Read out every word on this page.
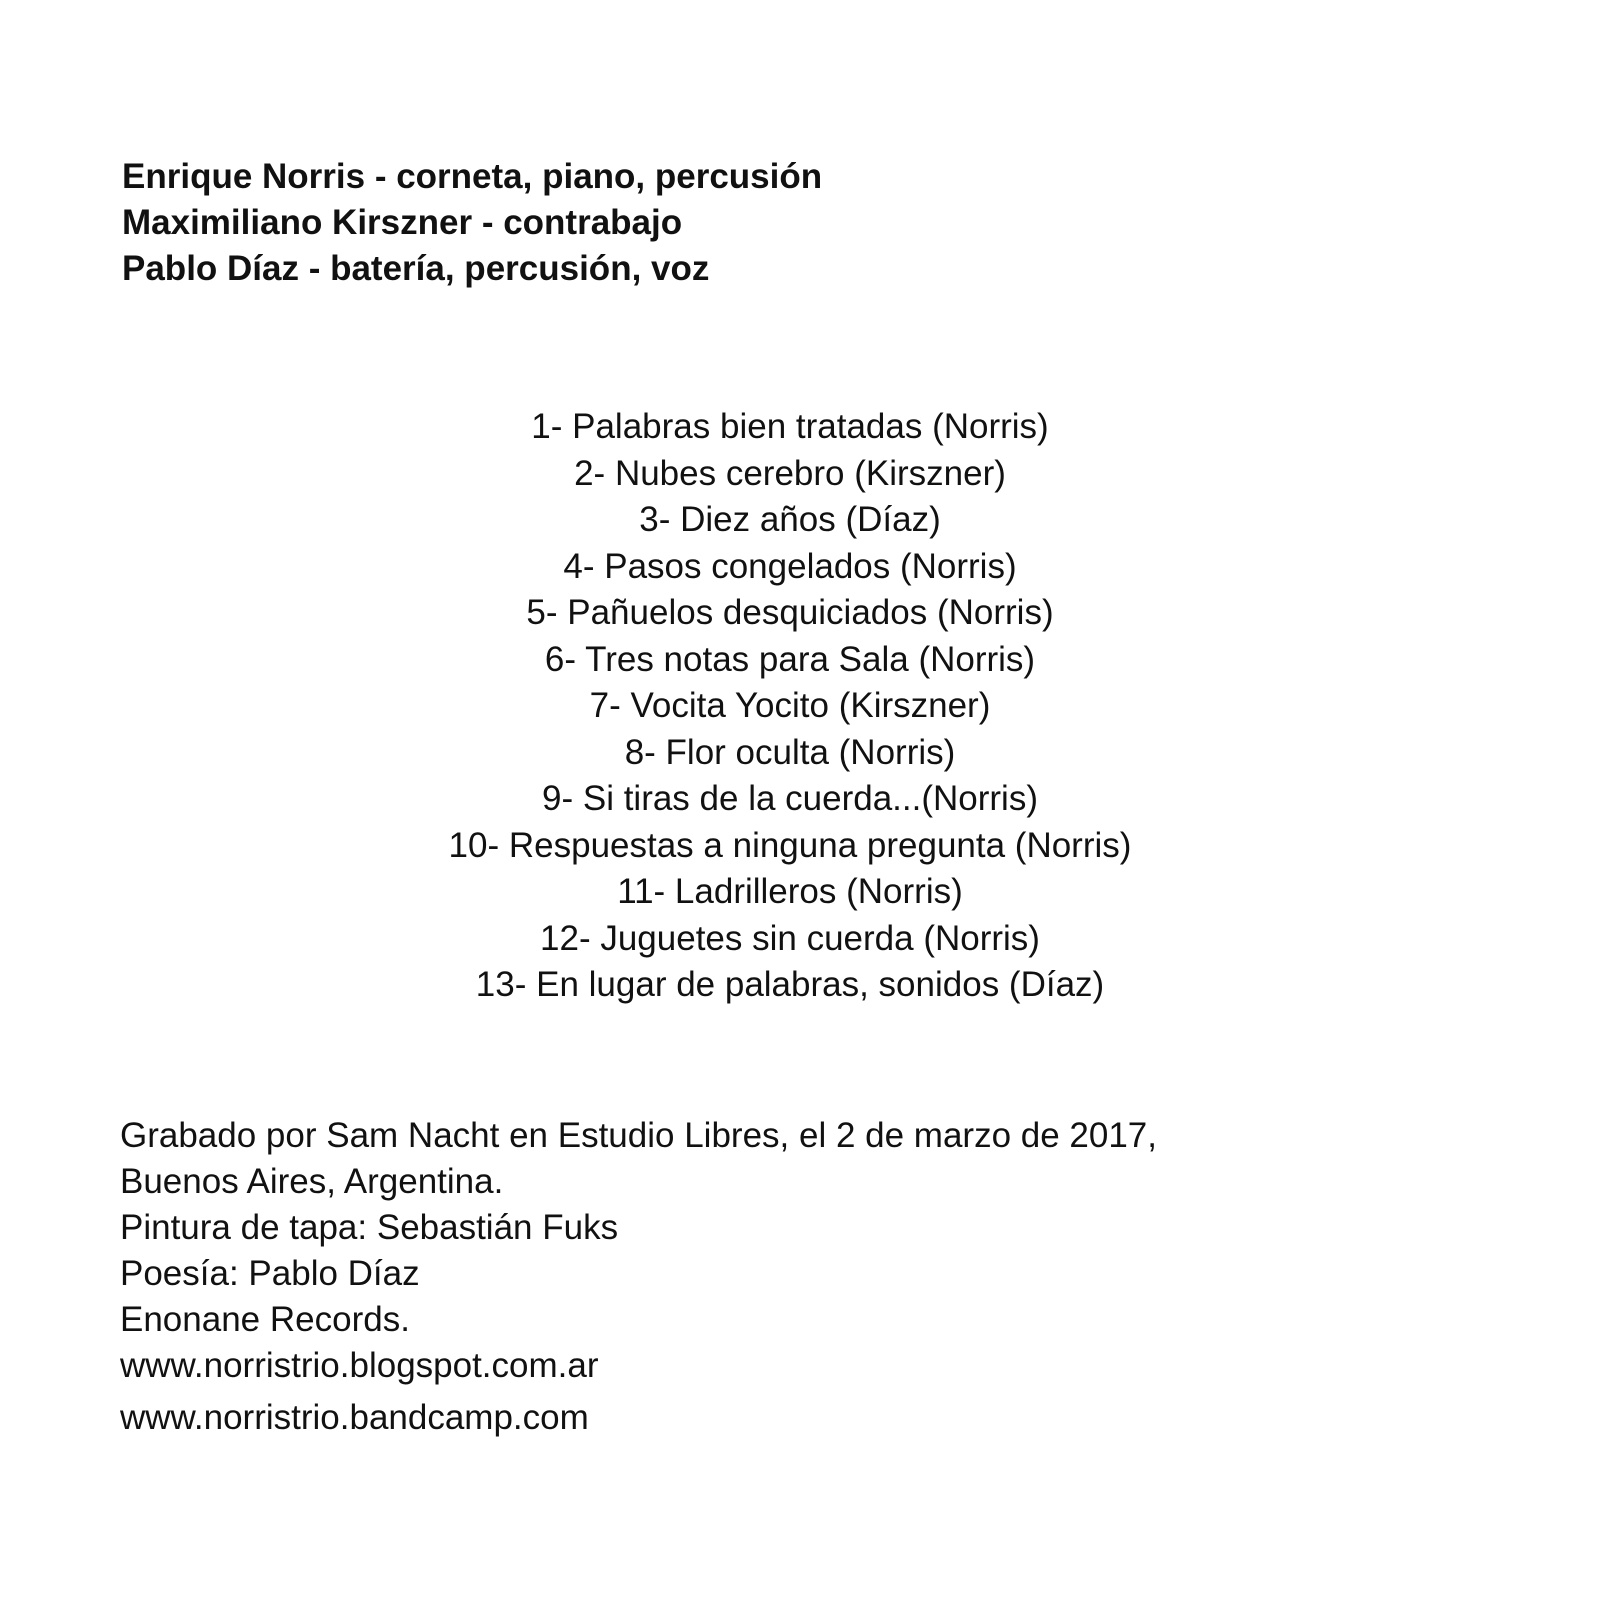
Enrique Norris - corneta, piano, percusión
Maximiliano Kirszner - contrabajo
Pablo Díaz - batería, percusión, voz
1- Palabras bien tratadas (Norris)
2- Nubes cerebro (Kirszner)
3- Diez años (Díaz)
4- Pasos congelados (Norris)
5- Pañuelos desquiciados (Norris)
6- Tres notas para Sala (Norris)
7- Vocita Yocito (Kirszner)
8- Flor oculta (Norris)
9- Si tiras de la cuerda...(Norris)
10- Respuestas a ninguna pregunta (Norris)
11- Ladrilleros (Norris)
12- Juguetes sin cuerda (Norris)
13- En lugar de palabras, sonidos (Díaz)
Grabado por Sam Nacht en Estudio Libres, el 2 de marzo de 2017,
Buenos Aires, Argentina.
Pintura de tapa: Sebastián Fuks
Poesía: Pablo Díaz
Enonane Records.
www.norristrio.blogspot.com.ar
www.norristrio.bandcamp.com
